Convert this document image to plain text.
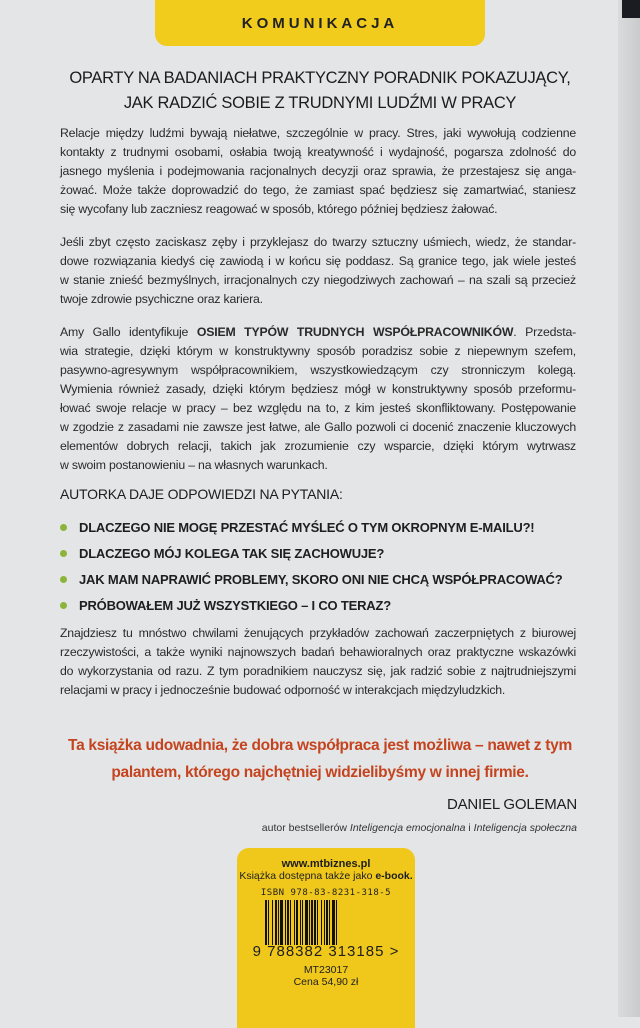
KOMUNIKACJA
OPARTY NA BADANIACH PRAKTYCZNY PORADNIK POKAZUJĄCY,
JAK RADZIĆ SOBIE Z TRUDNYMI LUDŹMI W PRACY
Relacje między ludźmi bywają niełatwe, szczególnie w pracy. Stres, jaki wywołują codzienne
kontakty z trudnymi osobami, osłabia twoją kreatywność i wydajność, pogarsza zdolność do
jasnego myślenia i podejmowania racjonalnych decyzji oraz sprawia, że przestajesz się anga-
żować. Może także doprowadzić do tego, że zamiast spać będziesz się zamartwiać, staniesz
się wycofany lub zaczniesz reagować w sposób, którego później będziesz żałować.
Jeśli zbyt często zaciskasz zęby i przyklejasz do twarzy sztuczny uśmiech, wiedz, że standar-
dowe rozwiązania kiedyś cię zawiodą i w końcu się poddasz. Są granice tego, jak wiele jesteś
w stanie znieść bezmyślnych, irracjonalnych czy niegodziwych zachowań – na szali są przecież
twoje zdrowie psychiczne oraz kariera.
Amy Gallo identyfikuje OSIEM TYPÓW TRUDNYCH WSPÓŁPRACOWNIKÓW. Przedsta-
wia strategie, dzięki którym w konstruktywny sposób poradzisz sobie z niepewnym szefem,
pasywno-agresywnym współpracownikiem, wszystkowiedzącym czy stronniczym kolegą.
Wymienia również zasady, dzięki którym będziesz mógł w konstruktywny sposób przeformu-
łować swoje relacje w pracy – bez względu na to, z kim jesteś skonfliktowany. Postępowanie
w zgodzie z zasadami nie zawsze jest łatwe, ale Gallo pozwoli ci docenić znaczenie kluczowych
elementów dobrych relacji, takich jak zrozumienie czy wsparcie, dzięki którym wytrwasz
w swoim postanowieniu – na własnych warunkach.
AUTORKA DAJE ODPOWIEDZI NA PYTANIA:
DLACZEGO NIE MOGĘ PRZESTAĆ MYŚLEĆ O TYM OKROPNYM E-MAILU?!
DLACZEGO MÓJ KOLEGA TAK SIĘ ZACHOWUJE?
JAK MAM NAPRAWIĆ PROBLEMY, SKORO ONI NIE CHCĄ WSPÓŁPRACOWAĆ?
PRÓBOWAŁEM JUŻ WSZYSTKIEGO – I CO TERAZ?
Znajdziesz tu mnóstwo chwilami żenujących przykładów zachowań zaczerpniętych z biurowej
rzeczywistości, a także wyniki najnowszych badań behawioralnych oraz praktyczne wskazówki
do wykorzystania od razu. Z tym poradnikiem nauczysz się, jak radzić sobie z najtrudniejszymi
relacjami w pracy i jednocześnie budować odporność w interakcjach międzyludzkich.
Ta książka udowadnia, że dobra współpraca jest możliwa – nawet z tym
palantem, którego najchętniej widzielibyśmy w innej firmie.
DANIEL GOLEMAN
autor bestsellerów Inteligencja emocjonalna i Inteligencja społeczna
www.mtbiznes.pl
Książka dostępna także jako e-book.
ISBN 978-83-8231-318-5
9 788382 313185 >
MT23017
Cena 54,90 zł
